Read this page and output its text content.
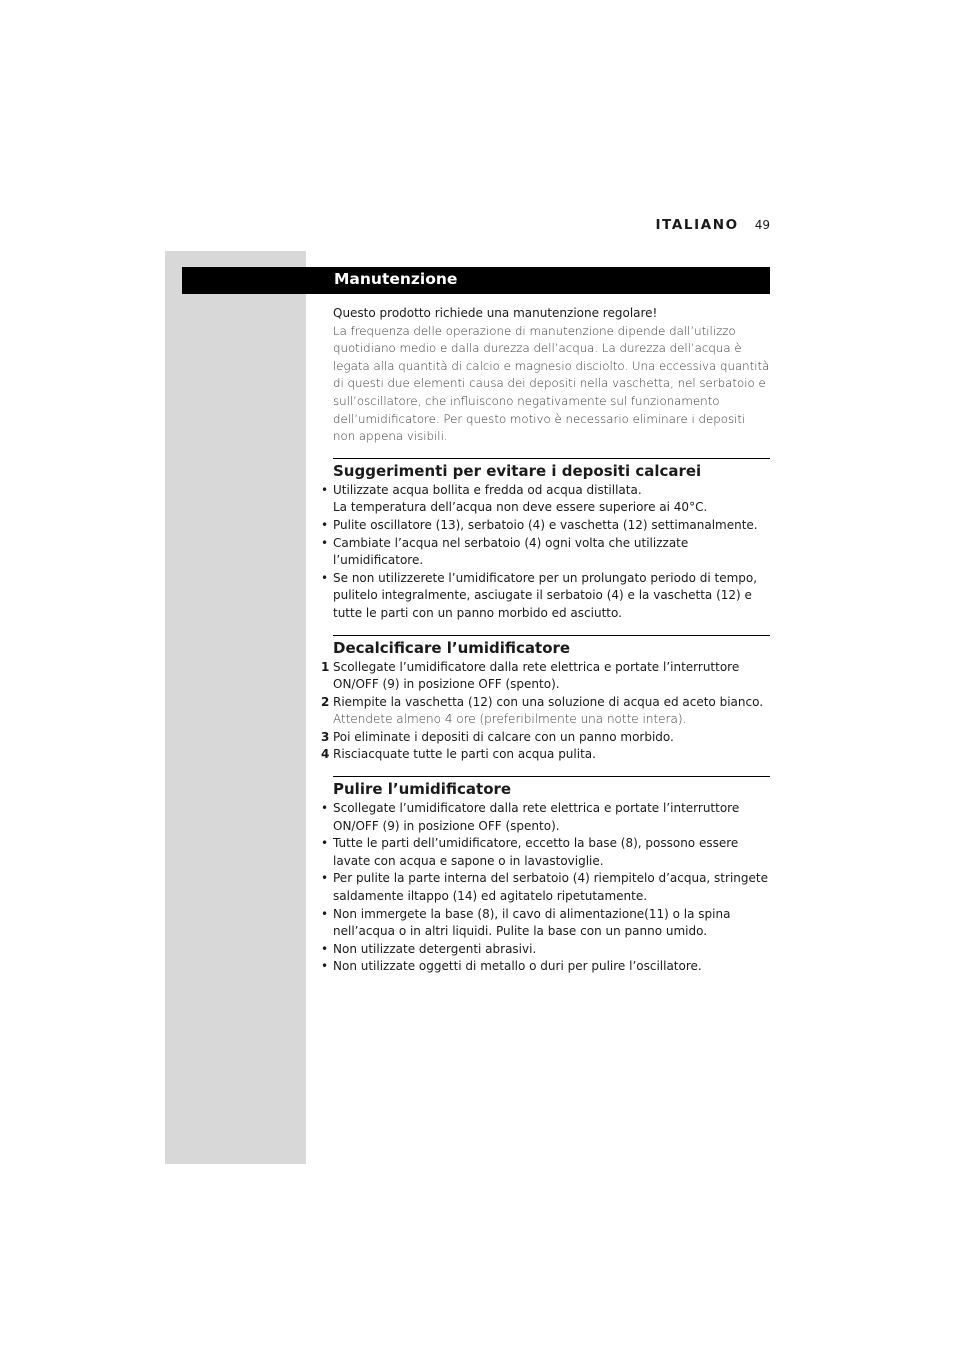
ITALIANO 49
Manutenzione
Questo prodotto richiede una manutenzione regolare!
La frequenza delle operazione di manutenzione dipende dall’utilizzo quotidiano medio e dalla durezza dell’acqua. La durezza dell’acqua è legata alla quantità di calcio e magnesio disciolto. Una eccessiva quantità di questi due elementi causa dei depositi nella vaschetta, nel serbatoio e sull’oscillatore, che influiscono negativamente sul funzionamento dell’umidificatore. Per questo motivo è necessario eliminare i depositi non appena visibili.
Suggerimenti per evitare i depositi calcarei
• Utilizzate acqua bollita e fredda od acqua distillata.
La temperatura dell’acqua non deve essere superiore ai 40°C.
• Pulite oscillatore (13), serbatoio (4) e vaschetta (12) settimanalmente.
• Cambiate l’acqua nel serbatoio (4) ogni volta che utilizzate l’umidificatore.
• Se non utilizzerete l’umidificatore per un prolungato periodo di tempo, pulitelo integralmente, asciugate il serbatoio (4) e la vaschetta (12) e tutte le parti con un panno morbido ed asciutto.
Decalcificare l’umidificatore
1 Scollegate l’umidificatore dalla rete elettrica e portate l’interruttore ON/OFF (9) in posizione OFF (spento).
2 Riempite la vaschetta (12) con una soluzione di acqua ed aceto bianco.
Attendete almeno 4 ore (preferibilmente una notte intera).
3 Poi eliminate i depositi di calcare con un panno morbido.
4 Risciacquate tutte le parti con acqua pulita.
Pulire l’umidificatore
• Scollegate l’umidificatore dalla rete elettrica e portate l’interruttore ON/OFF (9) in posizione OFF (spento).
• Tutte le parti dell’umidificatore, eccetto la base (8), possono essere lavate con acqua e sapone o in lavastoviglie.
• Per pulite la parte interna del serbatoio (4) riempitelo d’acqua, stringete saldamente iltappo (14) ed agitatelo ripetutamente.
• Non immergete la base (8), il cavo di alimentazione(11) o la spina nell’acqua o in altri liquidi. Pulite la base con un panno umido.
• Non utilizzate detergenti abrasivi.
• Non utilizzate oggetti di metallo o duri per pulire l’oscillatore.
